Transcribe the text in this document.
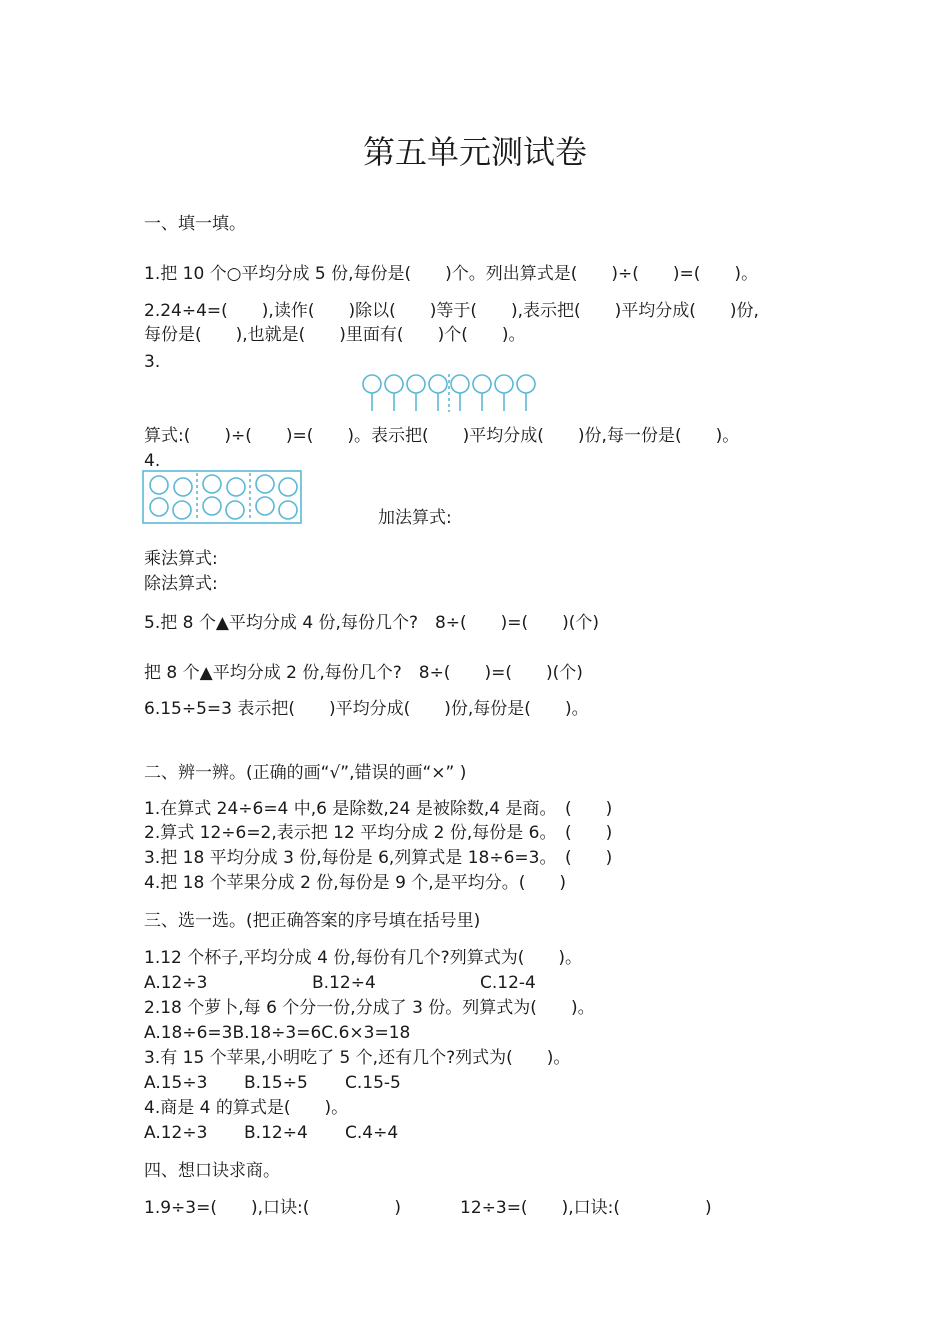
第五单元测试卷
一、填一填。
1.把 10 个○平均分成 5 份,每份是(　　)个。列出算式是(　　)÷(　　)=(　　)。
2.24÷4=(　　),读作(　　)除以(　　)等于(　　),表示把(　　)平均分成(　　)份,
每份是(　　),也就是(　　)里面有(　　)个(　　)。
3.
算式:(　　)÷(　　)=(　　)。表示把(　　)平均分成(　　)份,每一份是(　　)。
4.
加法算式:
乘法算式:
除法算式:
5.把 8 个▲平均分成 4 份,每份几个?　8÷(　　)=(　　)(个)
把 8 个▲平均分成 2 份,每份几个?　8÷(　　)=(　　)(个)
6.15÷5=3 表示把(　　)平均分成(　　)份,每份是(　　)。
二、辨一辨。(正确的画“√”,错误的画“×” )
1.在算式 24÷6=4 中,6 是除数,24 是被除数,4 是商。　(　　)
2.算式 12÷6=2,表示把 12 平均分成 2 份,每份是 6。　(　　)
3.把 18 平均分成 3 份,每份是 6,列算式是 18÷6=3。　(　　)
4.把 18 个苹果分成 2 份,每份是 9 个,是平均分。(　　)
三、选一选。(把正确答案的序号填在括号里)
1.12 个杯子,平均分成 4 份,每份有几个?列算式为(　　)。
A.12÷3	B.12÷4	C.12-4
2.18 个萝卜,每 6 个分一份,分成了 3 份。列算式为(　　)。
A.18÷6=3B.18÷3=6C.6×3=18
3.有 15 个苹果,小明吃了 5 个,还有几个?列式为(　　)。
A.15÷3 B.15÷5 C.15-5
4.商是 4 的算式是(　　)。
A.12÷3 B.12÷4 C.4÷4
四、想口诀求商。
1.9÷3=(　　),口诀:(　　　　　)	12÷3=(　　),口诀:(　　　　　)
